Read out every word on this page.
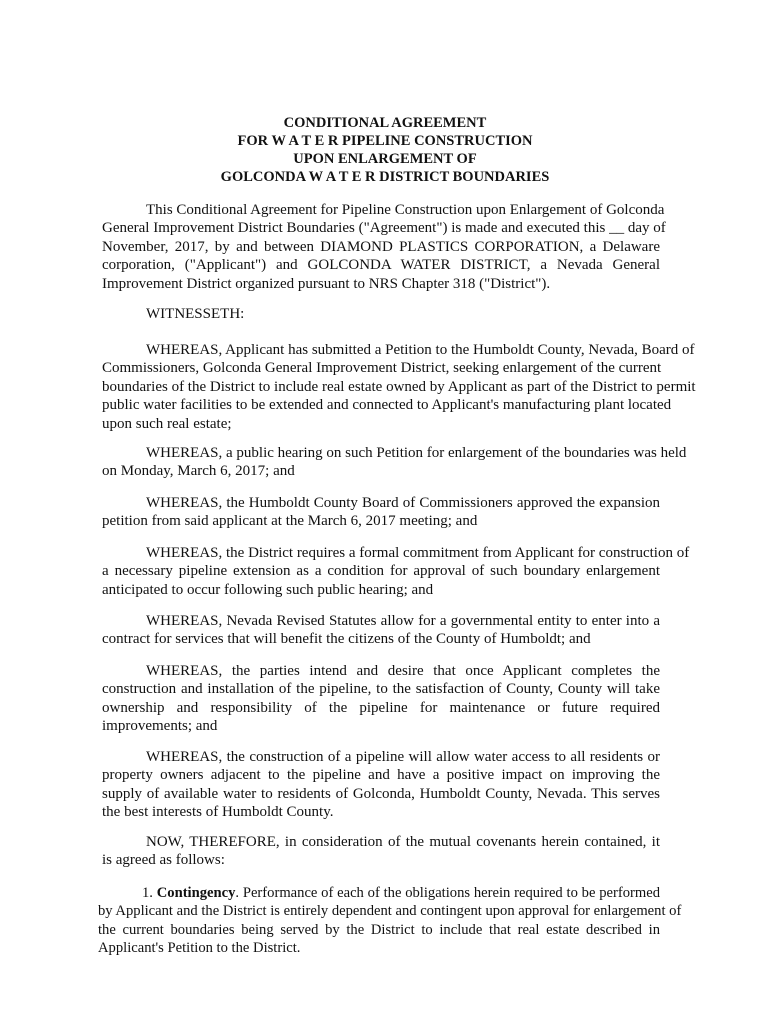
CONDITIONAL AGREEMENT
FOR W A T E R PIPELINE CONSTRUCTION
UPON ENLARGEMENT OF
GOLCONDA W A T E R DISTRICT BOUNDARIES
This Conditional Agreement for Pipeline Construction upon Enlargement of Golconda
General Improvement District Boundaries ("Agreement") is made and executed this __ day of
November, 2017, by and between DIAMOND PLASTICS CORPORATION, a Delaware
corporation, ("Applicant") and GOLCONDA WATER DISTRICT, a Nevada General
Improvement District organized pursuant to NRS Chapter 318 ("District").
WITNESSETH:
WHEREAS, Applicant has submitted a Petition to the Humboldt County, Nevada, Board of
Commissioners, Golconda General Improvement District, seeking enlargement of the current
boundaries of the District to include real estate owned by Applicant as part of the District to permit
public water facilities to be extended and connected to Applicant's manufacturing plant located
upon such real estate;
WHEREAS, a public hearing on such Petition for enlargement of the boundaries was held
on Monday, March 6, 2017; and
WHEREAS, the Humboldt County Board of Commissioners approved the expansion
petition from said applicant at the March 6, 2017 meeting; and
WHEREAS, the District requires a formal commitment from Applicant for construction of
a necessary pipeline extension as a condition for approval of such boundary enlargement
anticipated to occur following such public hearing; and
WHEREAS, Nevada Revised Statutes allow for a governmental entity to enter into a
contract for services that will benefit the citizens of the County of Humboldt; and
WHEREAS, the parties intend and desire that once Applicant completes the
construction and installation of the pipeline, to the satisfaction of County, County will take
ownership and responsibility of the pipeline for maintenance or future required
improvements; and
WHEREAS, the construction of a pipeline will allow water access to all residents or
property owners adjacent to the pipeline and have a positive impact on improving the
supply of available water to residents of Golconda, Humboldt County, Nevada. This serves
the best interests of Humboldt County.
NOW, THEREFORE, in consideration of the mutual covenants herein contained, it
is agreed as follows:
1. Contingency. Performance of each of the obligations herein required to be performed
by Applicant and the District is entirely dependent and contingent upon approval for enlargement of
the current boundaries being served by the District to include that real estate described in
Applicant's Petition to the District.
